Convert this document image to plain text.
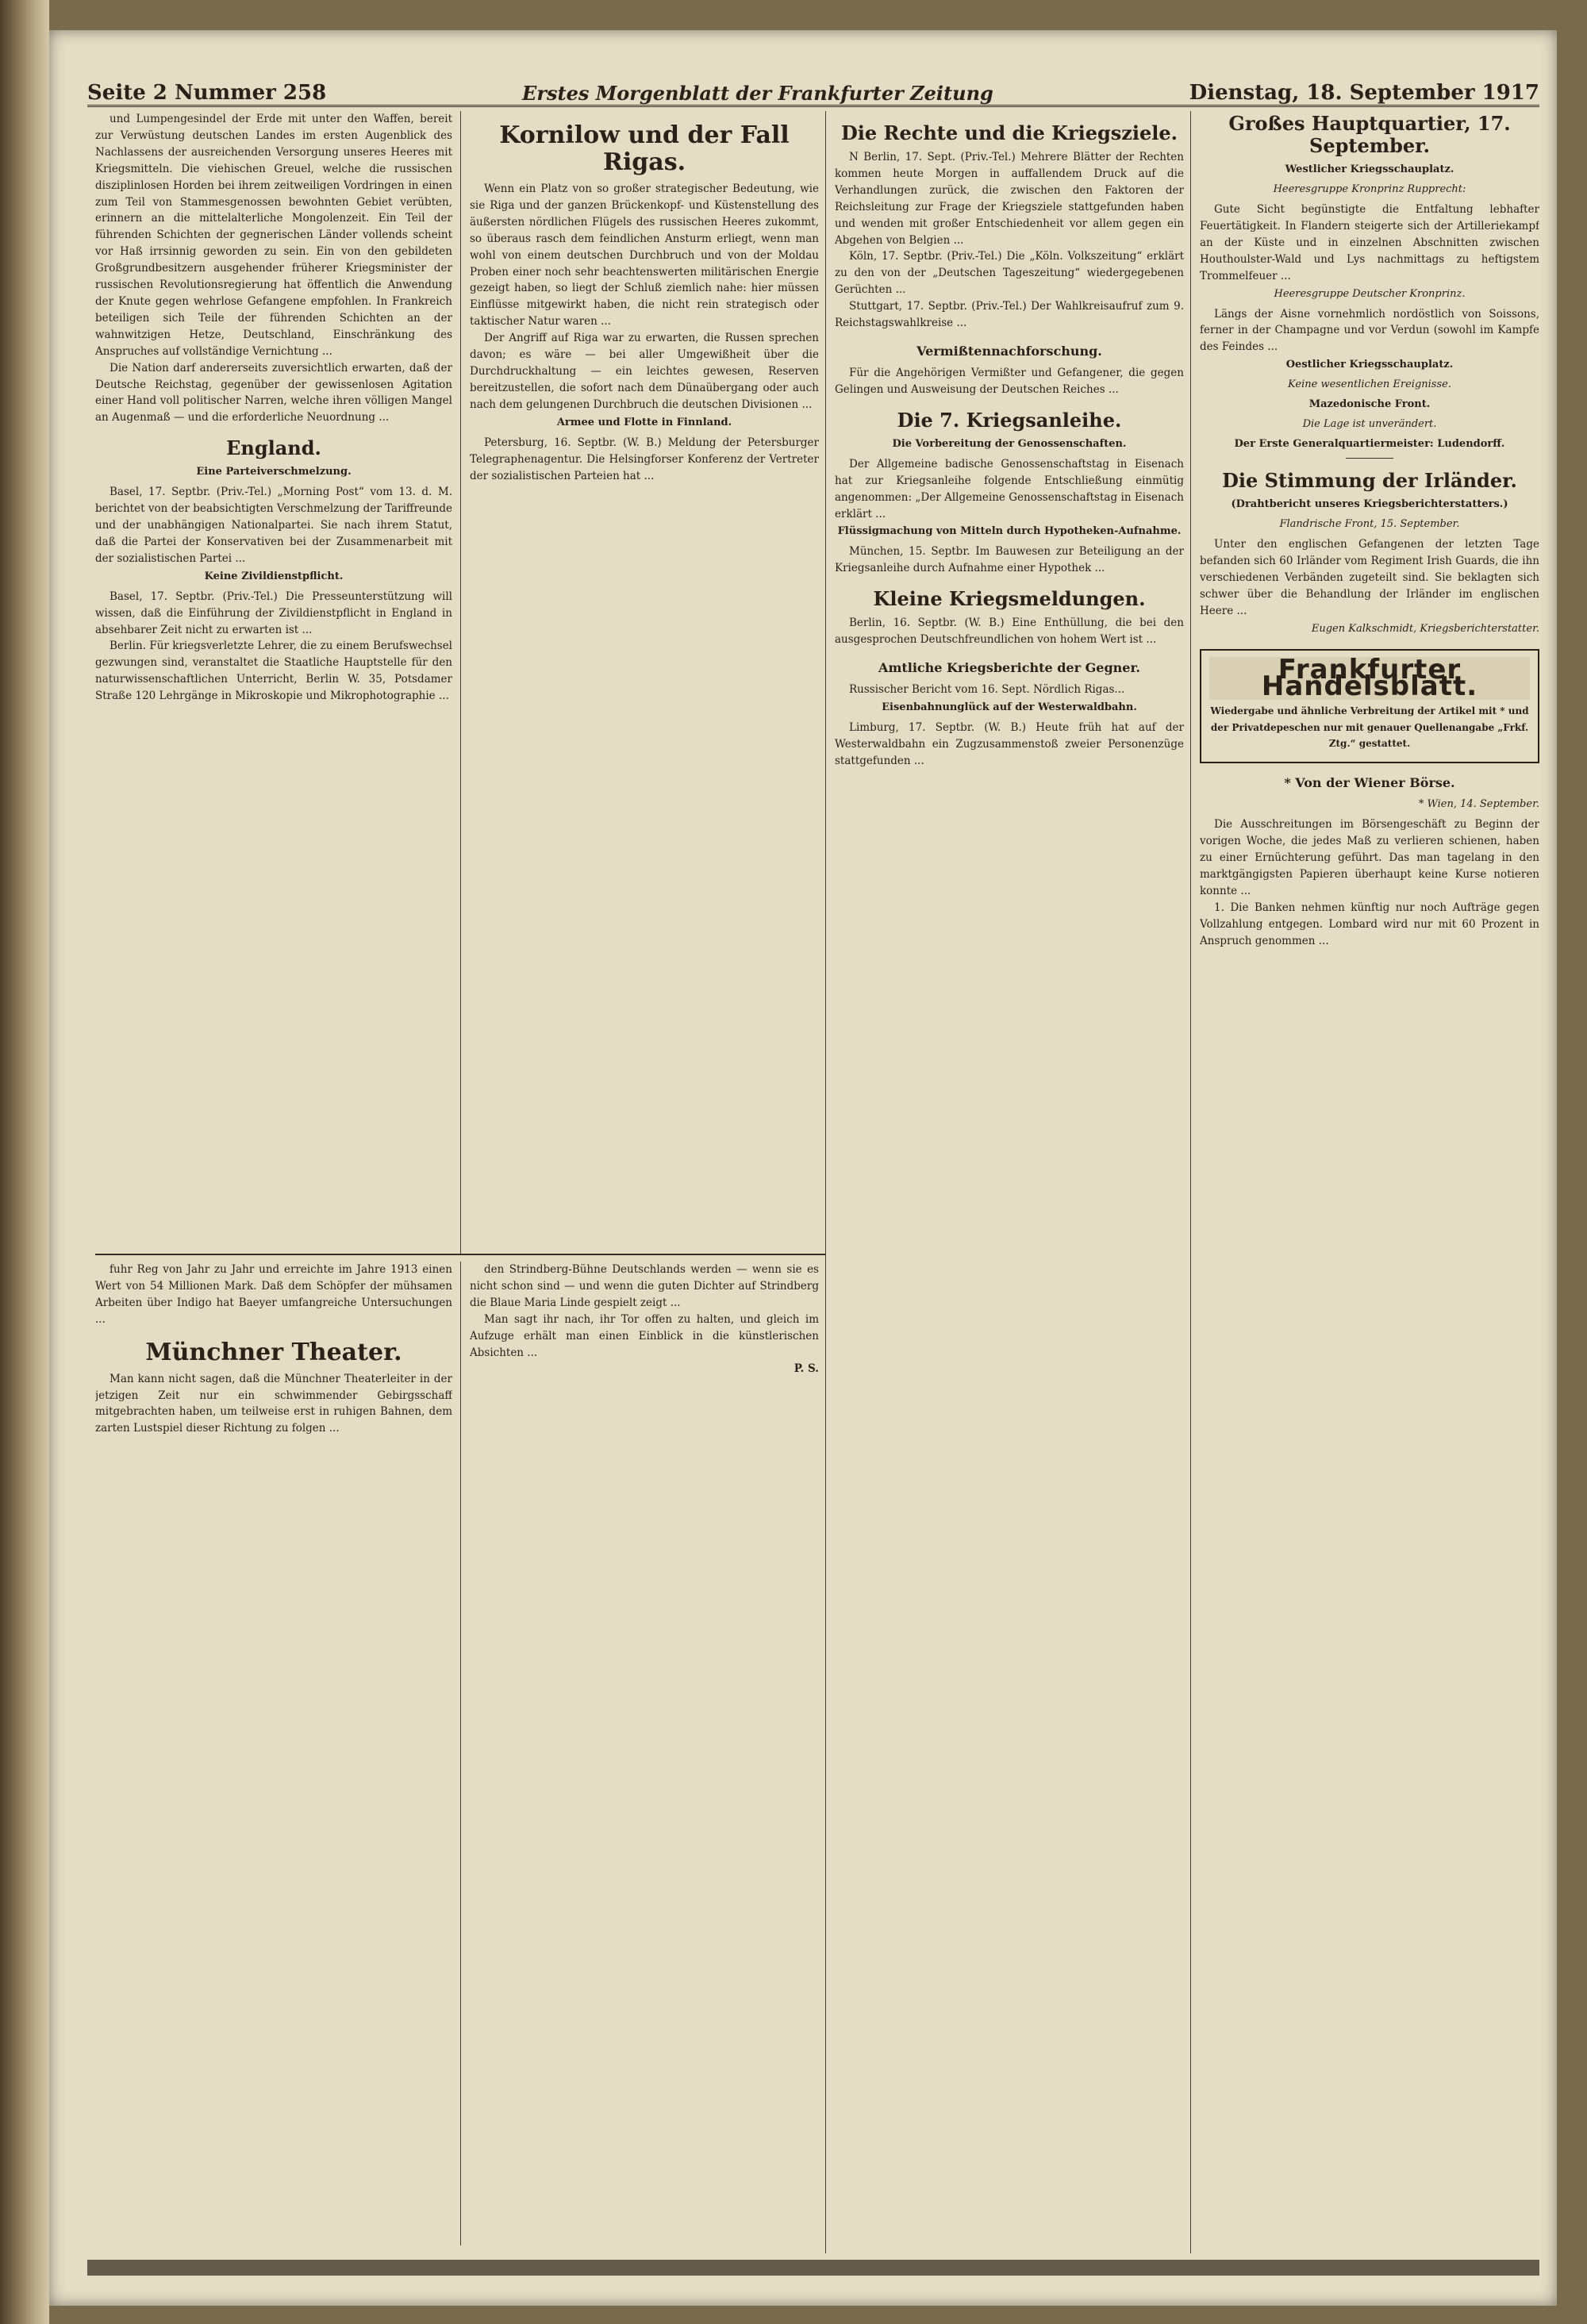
Seite 2 Nummer 258	Erstes Morgenblatt der Frankfurter Zeitung	Dienstag, 18. September 1917

und Lumpengesindel der Erde mit unter den Waffen, bereit zur Verwüstung deutschen Landes im ersten Augenblick des Nachlassens der ausreichenden Versorgung unseres Heeres mit Kriegsmitteln. Die viehischen Greuel, welche die russischen disziplinlosen Horden bei ihrem zeitweiligen Vordringen in einen zum Teil von Stammesgenossen bewohnten Gebiet verübten, erinnern an die mittelalterliche Mongolenzeit. Ein Teil der führenden Schichten der gegnerischen Länder vollends scheint vor Haß irrsinnig geworden zu sein. Ein von den gebildeten Großgrundbesitzern ausgehender früherer Kriegsminister der russischen Revolutionsregierung hat öffentlich die Anwendung der Knute gegen wehrlose Gefangene empfohlen. In Frankreich beteiligen sich Teile der führenden Schichten an der wahnwitzigen Hetze, Deutschland, Einschränkung des Anspruches auf vollständige Vernichtung ...

Die Nation darf andererseits zuversichtlich erwarten, daß der Deutsche Reichstag, gegenüber der gewissenlosen Agitation einer Hand voll politischer Narren, welche ihren völligen Mangel an Augenmaß — und die erforderliche Neuordnung ...

England.
Eine Parteiverschmelzung.

Basel, 17. Septbr. (Priv.-Tel.) „Morning Post“ vom 13. d. M. berichtet von der beabsichtigten Verschmelzung der Tariffreunde und der unabhängigen Nationalpartei. Sie nach ihrem Statut, daß die Partei der Konservativen bei der Zusammenarbeit mit der sozialistischen Partei ...

Keine Zivildienstpflicht.

Basel, 17. Septbr. (Priv.-Tel.) Die Presseunterstützung will wissen, daß die Einführung der Zivildienstpflicht in England in absehbarer Zeit nicht zu erwarten ist ...

Berlin. Für kriegsverletzte Lehrer, die zu einem Berufswechsel gezwungen sind, veranstaltet die Staatliche Hauptstelle für den naturwissenschaftlichen Unterricht, Berlin W. 35, Potsdamer Straße 120 Lehrgänge in Mikroskopie und Mikrophotographie ...

Kornilow und der Fall Rigas.

Wenn ein Platz von so großer strategischer Bedeutung, wie sie Riga und der ganzen Brückenkopf- und Küstenstellung des äußersten nördlichen Flügels des russischen Heeres zukommt, so überaus rasch dem feindlichen Ansturm erliegt, wenn man wohl von einem deutschen Durchbruch und von der Moldau Proben einer noch sehr beachtenswerten militärischen Energie gezeigt haben, so liegt der Schluß ziemlich nahe: hier müssen Einflüsse mitgewirkt haben, die nicht rein strategisch oder taktischer Natur waren ...

Der Angriff auf Riga war zu erwarten, die Russen sprechen davon; es wäre — bei aller Umgewißheit über die Durchdruckhaltung — ein leichtes gewesen, Reserven bereitzustellen, die sofort nach dem Dünaübergang oder auch nach dem gelungenen Durchbruch die deutschen Divisionen ...

Armee und Flotte in Finnland.

Petersburg, 16. Septbr. (W. B.) Meldung der Petersburger Telegraphenagentur. Die Helsingforser Konferenz der Vertreter der sozialistischen Parteien hat ...

Die Rechte und die Kriegsziele.

N Berlin, 17. Sept. (Priv.-Tel.) Mehrere Blätter der Rechten kommen heute Morgen in auffallendem Druck auf die Verhandlungen zurück, die zwischen den Faktoren der Reichsleitung zur Frage der Kriegsziele stattgefunden haben und wenden mit großer Entschiedenheit vor allem gegen ein Abgehen von Belgien ...

Köln, 17. Septbr. (Priv.-Tel.) Die „Köln. Volkszeitung“ erklärt zu den von der „Deutschen Tageszeitung“ wiedergegebenen Gerüchten ...

Stuttgart, 17. Septbr. (Priv.-Tel.) Der Wahlkreisaufruf zum 9. Reichstagswahlkreise ...

Vermißtennachforschung.

Für die Angehörigen Vermißter und Gefangener, die gegen Gelingen und Ausweisung der Deutschen Reiches ...

Die 7. Kriegsanleihe.
Die Vorbereitung der Genossenschaften.

Der Allgemeine badische Genossenschaftstag in Eisenach hat zur Kriegsanleihe folgende Entschließung einmütig angenommen: „Der Allgemeine Genossenschaftstag in Eisenach erklärt ...

Flüssigmachung von Mitteln durch Hypotheken-Aufnahme.

München, 15. Septbr. Im Bauwesen zur Beteiligung an der Kriegsanleihe durch Aufnahme einer Hypothek ...

Kleine Kriegsmeldungen.

Berlin, 16. Septbr. (W. B.) Eine Enthüllung, die bei den ausgesprochen Deutschfreundlichen von hohem Wert ist ...

Amtliche Kriegsberichte der Gegner.

Russischer Bericht vom 16. Sept. Nördlich Rigas...

Eisenbahnunglück auf der Westerwaldbahn.

Limburg, 17. Septbr. (W. B.) Heute früh hat auf der Westerwaldbahn ein Zugzusammenstoß zweier Personenzüge stattgefunden ...

Großes Hauptquartier, 17. September.
Westlicher Kriegsschauplatz.
Heeresgruppe Kronprinz Rupprecht:

Gute Sicht begünstigte die Entfaltung lebhafter Feuertätigkeit. In Flandern steigerte sich der Artilleriekampf an der Küste und in einzelnen Abschnitten zwischen Houthoulster-Wald und Lys nachmittags zu heftigstem Trommelfeuer ...

Heeresgruppe Deutscher Kronprinz.

Längs der Aisne vornehmlich nordöstlich von Soissons, ferner in der Champagne und vor Verdun (sowohl im Kampfe des Feindes ...

Oestlicher Kriegsschauplatz.
Keine wesentlichen Ereignisse.
Mazedonische Front.
Die Lage ist unverändert.
Der Erste Generalquartiermeister: Ludendorff.
Die Stimmung der Irländer.
(Drahtbericht unseres Kriegsberichterstatters.)
Flandrische Front, 15. September.

Unter den englischen Gefangenen der letzten Tage befanden sich 60 Irländer vom Regiment Irish Guards, die ihn verschiedenen Verbänden zugeteilt sind. Sie beklagten sich schwer über die Behandlung der Irländer im englischen Heere ...

Eugen Kalkschmidt, Kriegsberichterstatter.
Frankfurter Handelsblatt.
Wiedergabe und ähnliche Verbreitung der Artikel mit * und der Privatdepeschen nur mit genauer Quellenangabe „Frkf. Ztg.“ gestattet.
* Von der Wiener Börse.
* Wien, 14. September.

Die Ausschreitungen im Börsengeschäft zu Beginn der vorigen Woche, die jedes Maß zu verlieren schienen, haben zu einer Ernüchterung geführt. Das man tagelang in den marktgängigsten Papieren überhaupt keine Kurse notieren konnte ...

1. Die Banken nehmen künftig nur noch Aufträge gegen Vollzahlung entgegen. Lombard wird nur mit 60 Prozent in Anspruch genommen ...

fuhr Reg von Jahr zu Jahr und erreichte im Jahre 1913 einen Wert von 54 Millionen Mark. Daß dem Schöpfer der mühsamen Arbeiten über Indigo hat Baeyer umfangreiche Untersuchungen ...

Münchner Theater.

Man kann nicht sagen, daß die Münchner Theaterleiter in der jetzigen Zeit nur ein schwimmender Gebirgsschaff mitgebrachten haben, um teilweise erst in ruhigen Bahnen, dem zarten Lustspiel dieser Richtung zu folgen ...

den Strindberg-Bühne Deutschlands werden — wenn sie es nicht schon sind — und wenn die guten Dichter auf Strindberg die Blaue Maria Linde gespielt zeigt ...

Man sagt ihr nach, ihr Tor offen zu halten, und gleich im Aufzuge erhält man einen Einblick in die künstlerischen Absichten ...

P. S.
